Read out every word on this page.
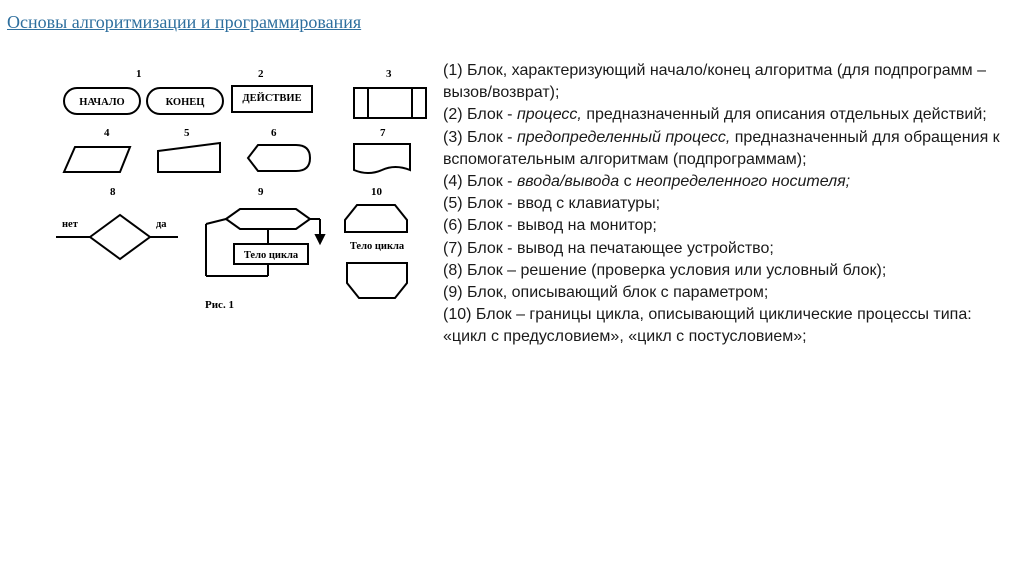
Основы алгоритмизации и программирования
1	2	3
4	5	6	7
8	9	10
НАЧАЛО	КОНЕЦ	ДЕЙСТВИЕ
нет	да
Тело цикла
Тело цикла
Рис. 1

(1) Блок, характеризующий начало/конец алгоритма (для подпрограмм – вызов/возврат);

(2) Блок - процесс, предназначенный для описания отдельных действий;

(3) Блок - предопределенный процесс, предназначенный для обращения к вспомогательным алгоритмам (подпрограммам);

(4) Блок - ввода/вывода с неопределенного носителя;

(5) Блок - ввод с клавиатуры;

(6) Блок - вывод на монитор;

(7) Блок - вывод на печатающее устройство;

(8) Блок – решение (проверка условия или условный блок);

(9) Блок, описывающий блок с параметром;

(10) Блок – границы цикла, описывающий циклические процессы типа: «цикл с предусловием», «цикл с постусловием»;
